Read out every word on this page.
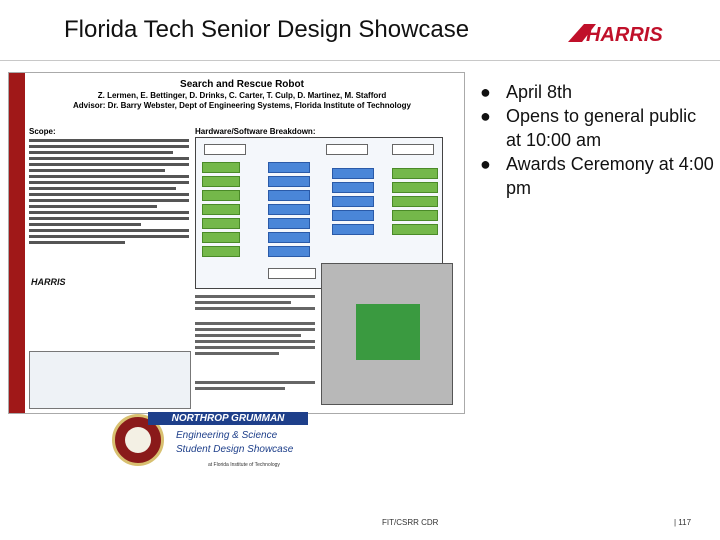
Florida Tech Senior Design Showcase	HARRIS
Search and Rescue Robot
Z. Lermen, E. Bettinger, D. Drinks, C. Carter, T. Culp, D. Martinez, M. Stafford
Advisor: Dr. Barry Webster, Dept of Engineering Systems, Florida Institute of Technology
Scope:	Hardware/Software Breakdown:
HARRIS
● April 8th
● Opens to general public at 10:00 am
● Awards Ceremony at 4:00 pm
NORTHROP GRUMMAN
Engineering & Science
Student Design Showcase
at Florida Institute of Technology
FIT/CSRR CDR	| 117
